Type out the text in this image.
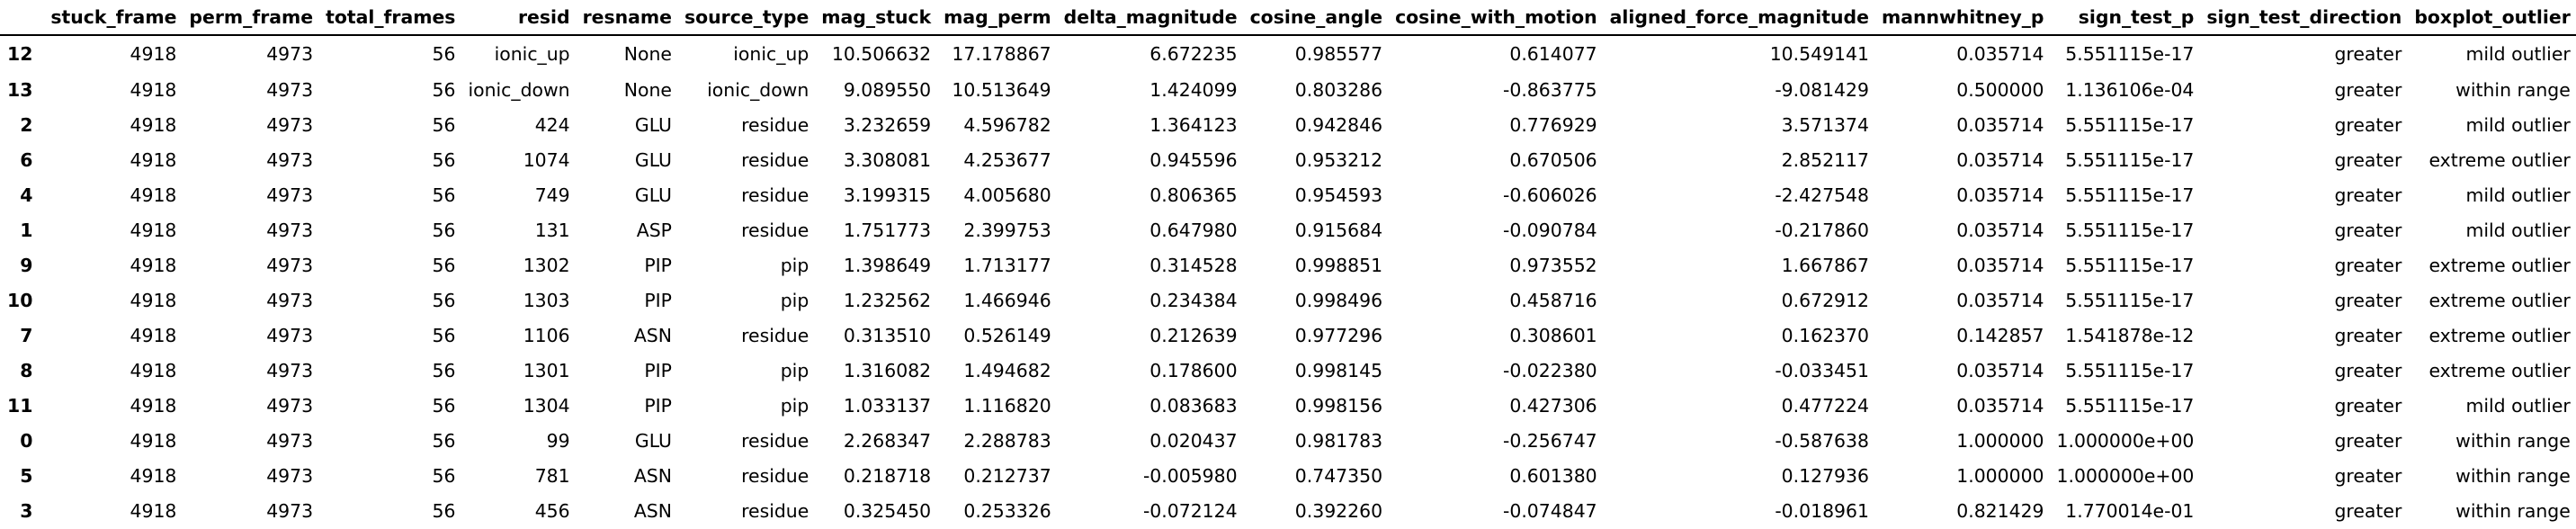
	stuck_frame	perm_frame	total_frames	resid	resname	source_type	mag_stuck	mag_perm	delta_magnitude	cosine_angle	cosine_with_motion	aligned_force_magnitude	mannwhitney_p	sign_test_p	sign_test_direction	boxplot_outlier
12	4918	4973	56	ionic_up	None	ionic_up	10.506632	17.178867	6.672235	0.985577	0.614077	10.549141	0.035714	5.551115e-17	greater	mild outlier
13	4918	4973	56	ionic_down	None	ionic_down	9.089550	10.513649	1.424099	0.803286	-0.863775	-9.081429	0.500000	1.136106e-04	greater	within range
2	4918	4973	56	424	GLU	residue	3.232659	4.596782	1.364123	0.942846	0.776929	3.571374	0.035714	5.551115e-17	greater	mild outlier
6	4918	4973	56	1074	GLU	residue	3.308081	4.253677	0.945596	0.953212	0.670506	2.852117	0.035714	5.551115e-17	greater	extreme outlier
4	4918	4973	56	749	GLU	residue	3.199315	4.005680	0.806365	0.954593	-0.606026	-2.427548	0.035714	5.551115e-17	greater	mild outlier
1	4918	4973	56	131	ASP	residue	1.751773	2.399753	0.647980	0.915684	-0.090784	-0.217860	0.035714	5.551115e-17	greater	mild outlier
9	4918	4973	56	1302	PIP	pip	1.398649	1.713177	0.314528	0.998851	0.973552	1.667867	0.035714	5.551115e-17	greater	extreme outlier
10	4918	4973	56	1303	PIP	pip	1.232562	1.466946	0.234384	0.998496	0.458716	0.672912	0.035714	5.551115e-17	greater	extreme outlier
7	4918	4973	56	1106	ASN	residue	0.313510	0.526149	0.212639	0.977296	0.308601	0.162370	0.142857	1.541878e-12	greater	extreme outlier
8	4918	4973	56	1301	PIP	pip	1.316082	1.494682	0.178600	0.998145	-0.022380	-0.033451	0.035714	5.551115e-17	greater	extreme outlier
11	4918	4973	56	1304	PIP	pip	1.033137	1.116820	0.083683	0.998156	0.427306	0.477224	0.035714	5.551115e-17	greater	mild outlier
0	4918	4973	56	99	GLU	residue	2.268347	2.288783	0.020437	0.981783	-0.256747	-0.587638	1.000000	1.000000e+00	greater	within range
5	4918	4973	56	781	ASN	residue	0.218718	0.212737	-0.005980	0.747350	0.601380	0.127936	1.000000	1.000000e+00	greater	within range
3	4918	4973	56	456	ASN	residue	0.325450	0.253326	-0.072124	0.392260	-0.074847	-0.018961	0.821429	1.770014e-01	greater	within range
